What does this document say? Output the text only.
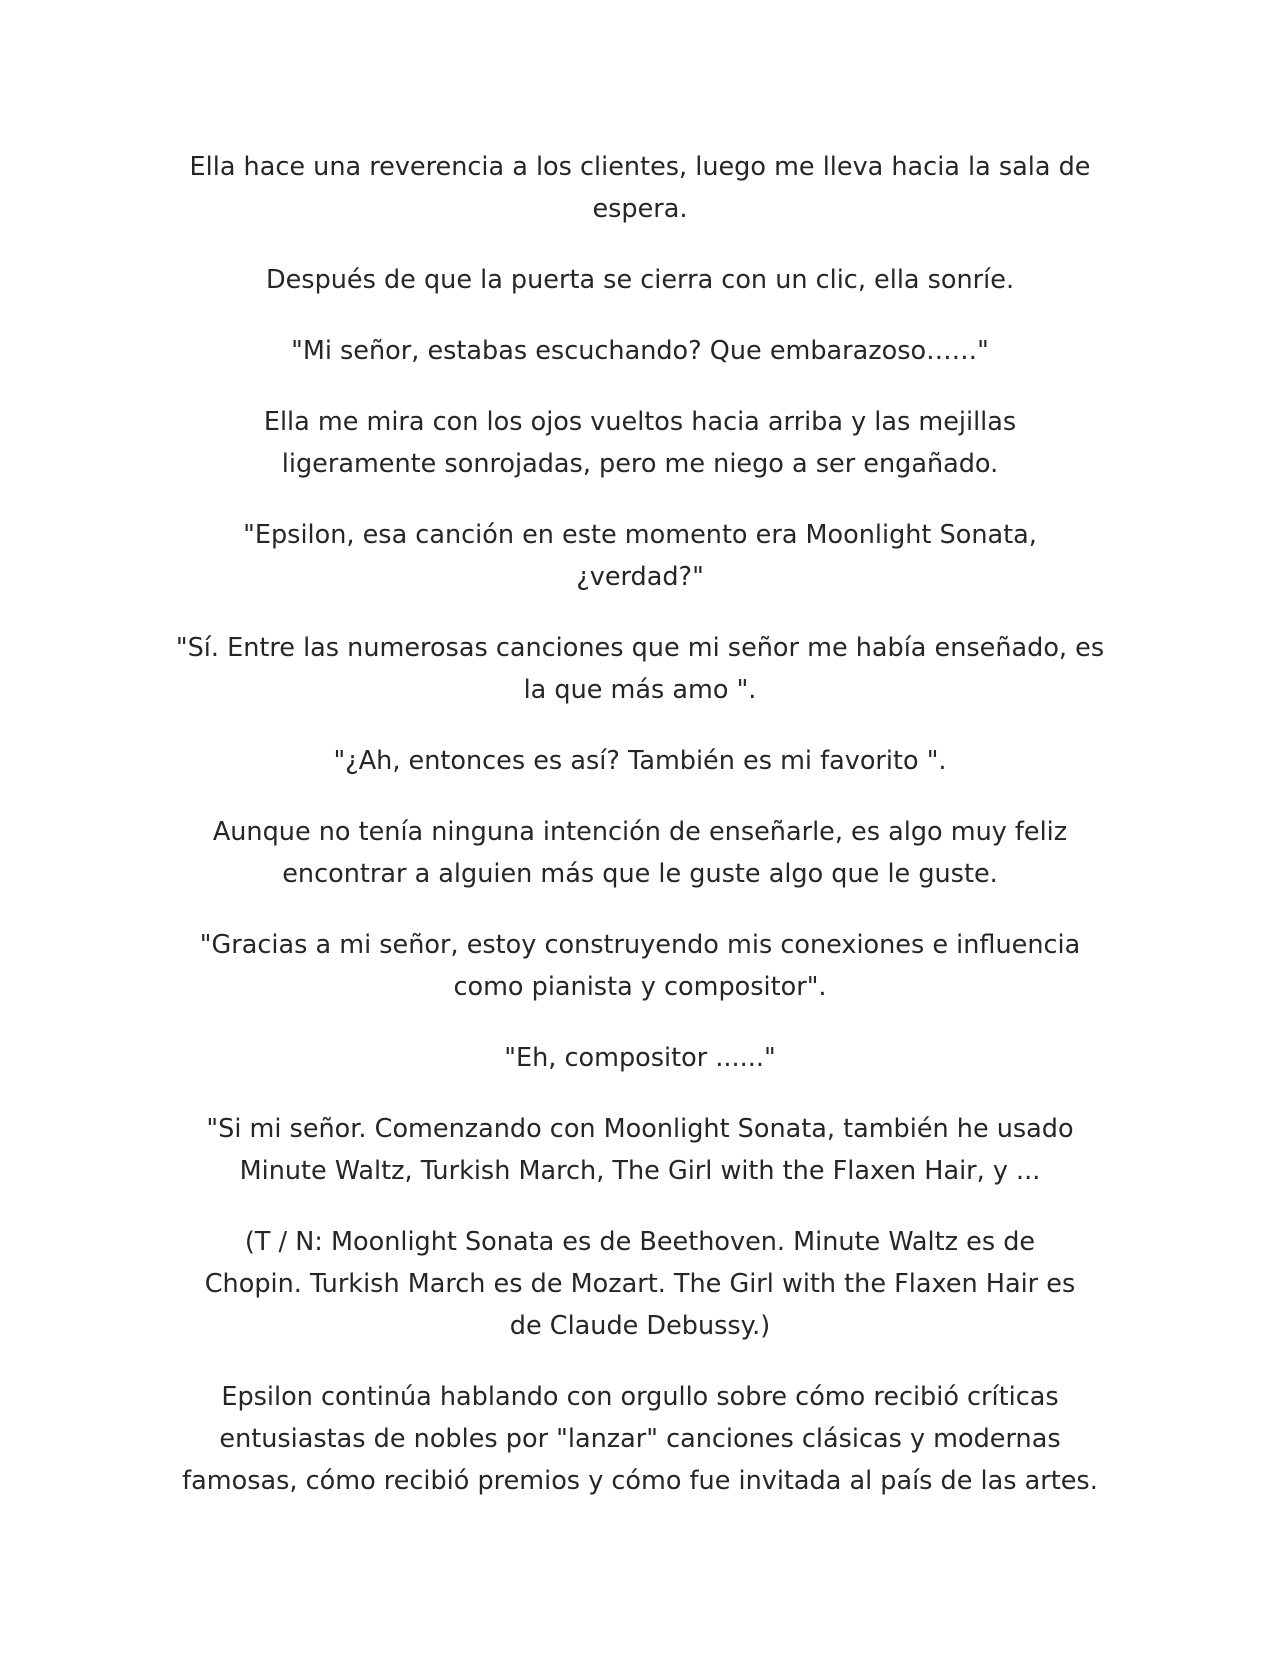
Ella hace una reverencia a los clientes, luego me lleva hacia la sala de
espera.

Después de que la puerta se cierra con un clic, ella sonríe.

"Mi señor, estabas escuchando? Que embarazoso……"

Ella me mira con los ojos vueltos hacia arriba y las mejillas
ligeramente sonrojadas, pero me niego a ser engañado.

"Epsilon, esa canción en este momento era Moonlight Sonata,
¿verdad?"

"Sí. Entre las numerosas canciones que mi señor me había enseñado, es
la que más amo ".

"¿Ah, entonces es así? También es mi favorito ".

Aunque no tenía ninguna intención de enseñarle, es algo muy feliz
encontrar a alguien más que le guste algo que le guste.

"Gracias a mi señor, estoy construyendo mis conexiones e influencia
como pianista y compositor".

"Eh, compositor ......"

"Si mi señor. Comenzando con Moonlight Sonata, también he usado
Minute Waltz, Turkish March, The Girl with the Flaxen Hair, y ...

(T / N: Moonlight Sonata es de Beethoven. Minute Waltz es de
Chopin. Turkish March es de Mozart. The Girl with the Flaxen Hair es
de Claude Debussy.)

Epsilon continúa hablando con orgullo sobre cómo recibió críticas
entusiastas de nobles por "lanzar" canciones clásicas y modernas
famosas, cómo recibió premios y cómo fue invitada al país de las artes.
